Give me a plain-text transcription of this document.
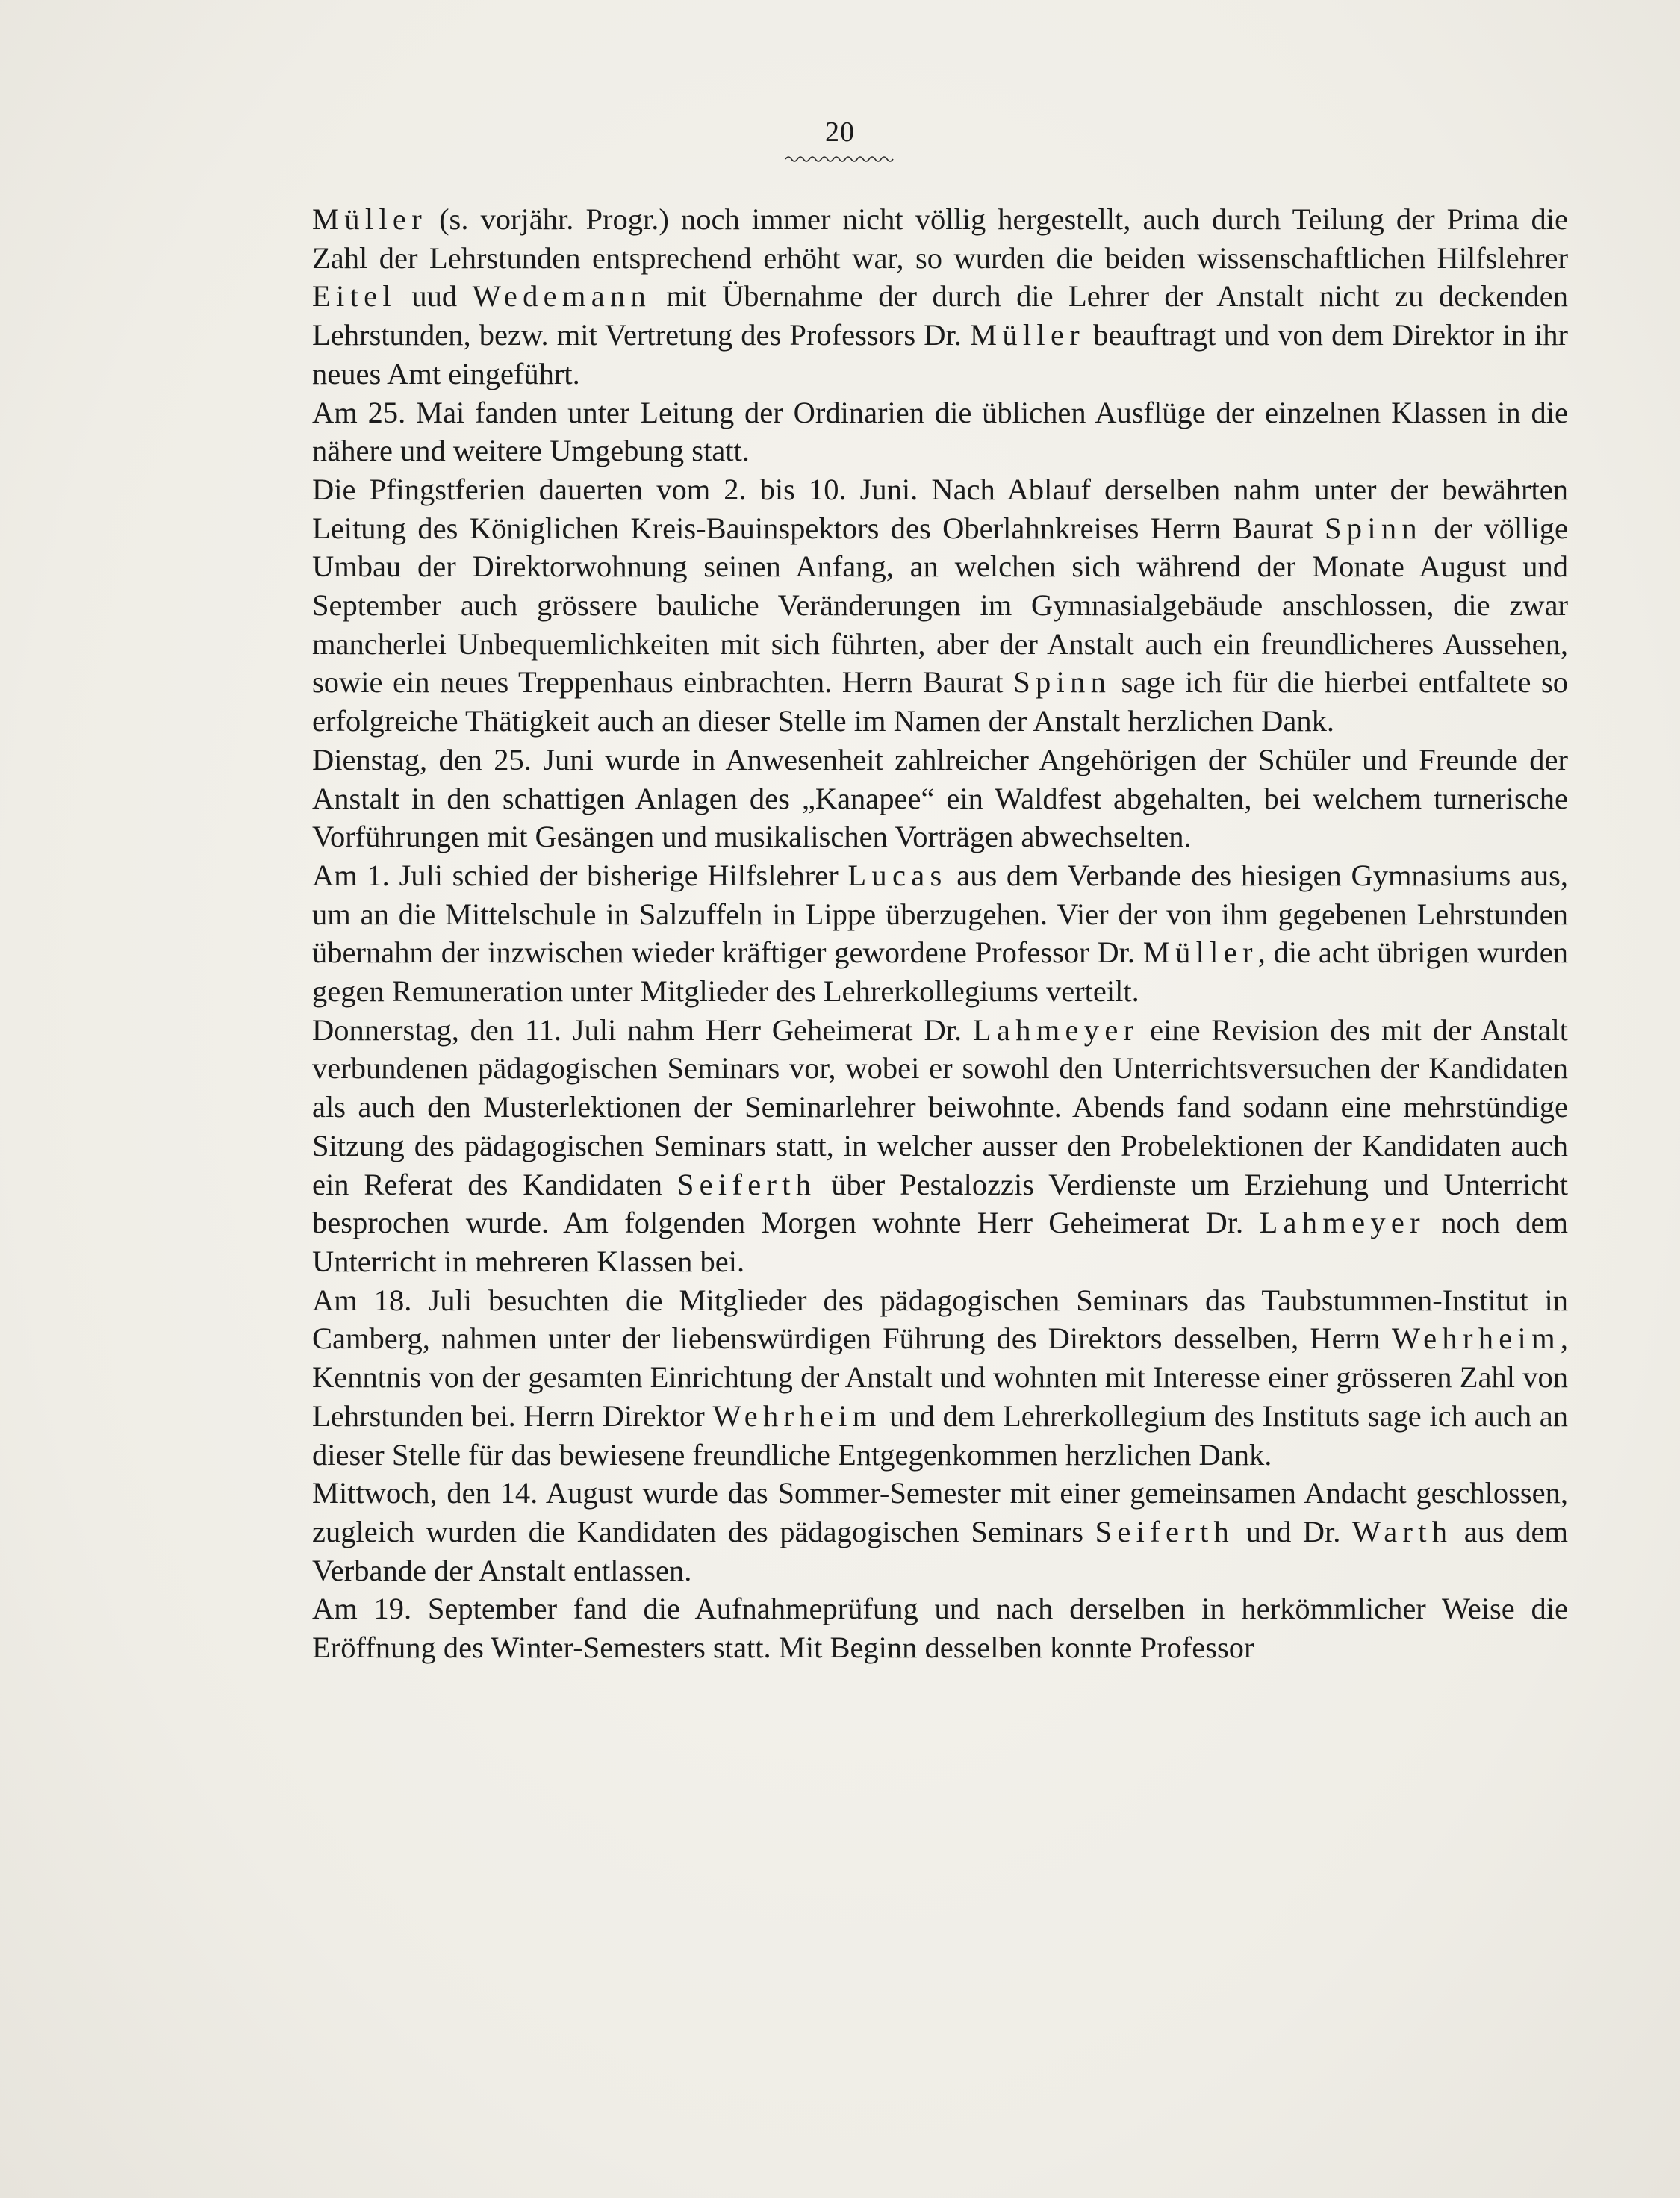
20

Müller (s. vorjähr. Progr.) noch immer nicht völlig hergestellt, auch durch Teilung der Prima die Zahl der Lehrstunden entsprechend erhöht war, so wurden die beiden wissenschaftlichen Hilfslehrer Eitel uud Wedemann mit Übernahme der durch die Lehrer der Anstalt nicht zu deckenden Lehrstunden, bezw. mit Vertretung des Professors Dr. Müller beauftragt und von dem Direktor in ihr neues Amt eingeführt.

Am 25. Mai fanden unter Leitung der Ordinarien die üblichen Ausflüge der einzelnen Klassen in die nähere und weitere Umgebung statt.

Die Pfingstferien dauerten vom 2. bis 10. Juni. Nach Ablauf derselben nahm unter der bewährten Leitung des Königlichen Kreis-Bauinspektors des Oberlahnkreises Herrn Baurat Spinn der völlige Umbau der Direktorwohnung seinen Anfang, an welchen sich während der Monate August und September auch grössere bauliche Veränderungen im Gymnasialgebäude anschlossen, die zwar mancherlei Unbequemlichkeiten mit sich führten, aber der Anstalt auch ein freundlicheres Aussehen, sowie ein neues Treppenhaus einbrachten. Herrn Baurat Spinn sage ich für die hierbei entfaltete so erfolgreiche Thätigkeit auch an dieser Stelle im Namen der Anstalt herzlichen Dank.

Dienstag, den 25. Juni wurde in Anwesenheit zahlreicher Angehörigen der Schüler und Freunde der Anstalt in den schattigen Anlagen des „Kanapee“ ein Waldfest abgehalten, bei welchem turnerische Vorführungen mit Gesängen und musikalischen Vorträgen abwechselten.

Am 1. Juli schied der bisherige Hilfslehrer Lucas aus dem Verbande des hiesigen Gymnasiums aus, um an die Mittelschule in Salzuffeln in Lippe überzugehen. Vier der von ihm gegebenen Lehrstunden übernahm der inzwischen wieder kräftiger gewordene Professor Dr. Müller, die acht übrigen wurden gegen Remuneration unter Mitglieder des Lehrerkollegiums verteilt.

Donnerstag, den 11. Juli nahm Herr Geheimerat Dr. Lahmeyer eine Revision des mit der Anstalt verbundenen pädagogischen Seminars vor, wobei er sowohl den Unterrichtsversuchen der Kandidaten als auch den Musterlektionen der Seminarlehrer beiwohnte. Abends fand sodann eine mehrstündige Sitzung des pädagogischen Seminars statt, in welcher ausser den Probelektionen der Kandidaten auch ein Referat des Kandidaten Seiferth über Pestalozzis Verdienste um Erziehung und Unterricht besprochen wurde. Am folgenden Morgen wohnte Herr Geheimerat Dr. Lahmeyer noch dem Unterricht in mehreren Klassen bei.

Am 18. Juli besuchten die Mitglieder des pädagogischen Seminars das Taubstummen-Institut in Camberg, nahmen unter der liebenswürdigen Führung des Direktors desselben, Herrn Wehrheim, Kenntnis von der gesamten Einrichtung der Anstalt und wohnten mit Interesse einer grösseren Zahl von Lehrstunden bei. Herrn Direktor Wehrheim und dem Lehrerkollegium des Instituts sage ich auch an dieser Stelle für das bewiesene freundliche Entgegenkommen herzlichen Dank.

Mittwoch, den 14. August wurde das Sommer-Semester mit einer gemeinsamen Andacht geschlossen, zugleich wurden die Kandidaten des pädagogischen Seminars Seiferth und Dr. Warth aus dem Verbande der Anstalt entlassen.

Am 19. September fand die Aufnahmeprüfung und nach derselben in herkömmlicher Weise die Eröffnung des Winter-Semesters statt. Mit Beginn desselben konnte Professor
